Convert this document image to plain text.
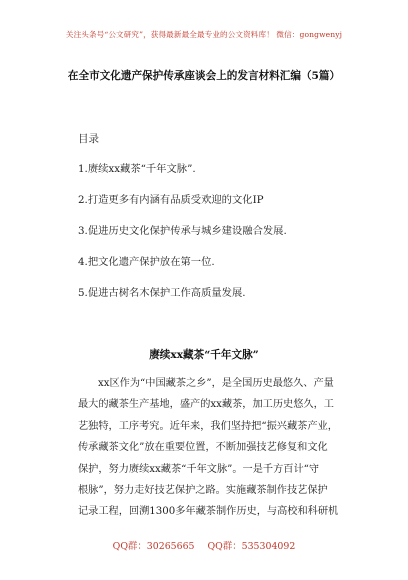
关注头条号“公文研究”，获得最新最全最专业的公文资料库！ 微信：gongwenyj
在全市文化遗产保护传承座谈会上的发言材料汇编（5篇）
目录
1.赓续xx藏茶“千年文脉”.
2.打造更多有内涵有品质受欢迎的文化IP
3.促进历史文化保护传承与城乡建设融合发展.
4.把文化遗产保护放在第一位.
5.促进古树名木保护工作高质量发展.
赓续xx藏茶“千年文脉”
xx区作为“中国藏茶之乡”，是全国历史最悠久、产量
最大的藏茶生产基地，盛产的xx藏茶，加工历史悠久，工
艺独特，工序考究。近年来，我们坚持把“振兴藏茶产业，
传承藏茶文化”放在重要位置，不断加强技艺修复和文化
保护，努力赓续xx藏茶“千年文脉”。一是千方百计“守
根脉”，努力走好技艺保护之路。实施藏茶制作技艺保护
记录工程，回溯1300多年藏茶制作历史，与高校和科研机
QQ群：30265665 QQ群：535304092
